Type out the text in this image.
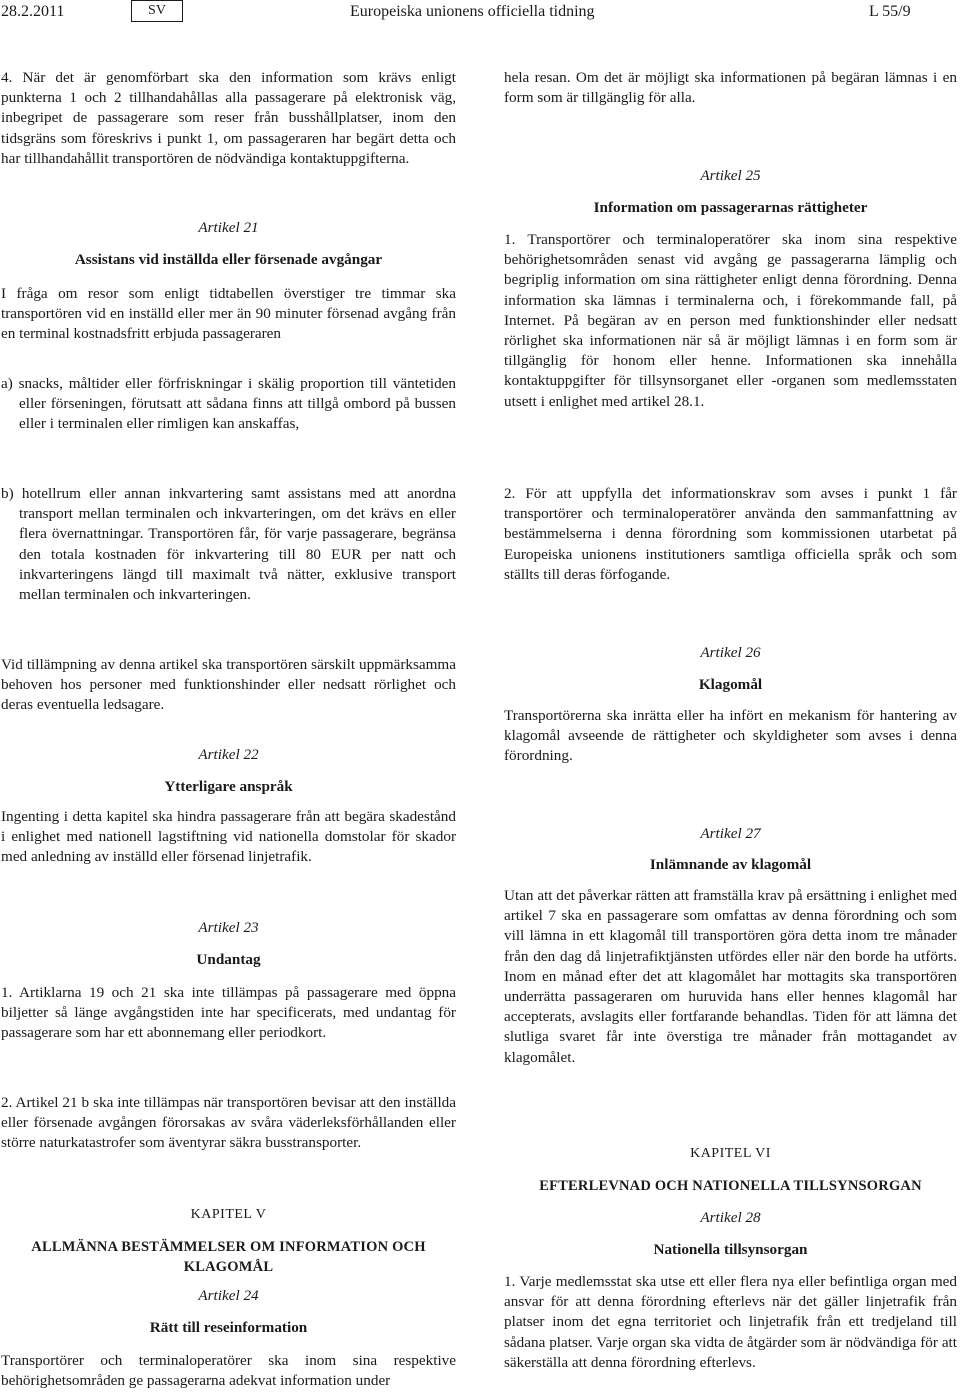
28.2.2011	SV	Europeiska unionens officiella tidning	L 55/9

4. När det är genomförbart ska den information som krävs enligt punkterna 1 och 2 tillhandahållas alla passagerare på elektronisk väg, inbegripet de passagerare som reser från busshållplatser, inom den tidsgräns som föreskrivs i punkt 1, om passageraren har begärt detta och har tillhandahållit transportören de nödvändiga kontaktuppgifterna.

Artikel 21
Assistans vid inställda eller försenade avgångar

I fråga om resor som enligt tidtabellen överstiger tre timmar ska transportören vid en inställd eller mer än 90 minuter försenad avgång från en terminal kostnadsfritt erbjuda passageraren

a) snacks, måltider eller förfriskningar i skälig proportion till väntetiden eller förseningen, förutsatt att sådana finns att tillgå ombord på bussen eller i terminalen eller rimligen kan anskaffas,

b) hotellrum eller annan inkvartering samt assistans med att anordna transport mellan terminalen och inkvarteringen, om det krävs en eller flera övernattningar. Transportören får, för varje passagerare, begränsa den totala kostnaden för inkvartering till 80 EUR per natt och inkvarteringens längd till maximalt två nätter, exklusive transport mellan terminalen och inkvarteringen.

Vid tillämpning av denna artikel ska transportören särskilt uppmärksamma behoven hos personer med funktionshinder eller nedsatt rörlighet och deras eventuella ledsagare.

Artikel 22
Ytterligare anspråk

Ingenting i detta kapitel ska hindra passagerare från att begära skadestånd i enlighet med nationell lagstiftning vid nationella domstolar för skador med anledning av inställd eller försenad linjetrafik.

Artikel 23
Undantag

1. Artiklarna 19 och 21 ska inte tillämpas på passagerare med öppna biljetter så länge avgångstiden inte har specificerats, med undantag för passagerare som har ett abonnemang eller periodkort.

2. Artikel 21 b ska inte tillämpas när transportören bevisar att den inställda eller försenade avgången förorsakas av svåra väderleksförhållanden eller större naturkatastrofer som äventyrar säkra busstransporter.

KAPITEL V
ALLMÄNNA BESTÄMMELSER OM INFORMATION OCH KLAGOMÅL
Artikel 24
Rätt till reseinformation

Transportörer och terminaloperatörer ska inom sina respektive behörighetsområden ge passagerarna adekvat information under

hela resan. Om det är möjligt ska informationen på begäran lämnas i en form som är tillgänglig för alla.

Artikel 25
Information om passagerarnas rättigheter

1. Transportörer och terminaloperatörer ska inom sina respektive behörighetsområden senast vid avgång ge passagerarna lämplig och begriplig information om sina rättigheter enligt denna förordning. Denna information ska lämnas i terminalerna och, i förekommande fall, på Internet. På begäran av en person med funktionshinder eller nedsatt rörlighet ska informationen när så är möjligt lämnas i en form som är tillgänglig för honom eller henne. Informationen ska innehålla kontaktuppgifter för tillsynsorganet eller -organen som medlemsstaten utsett i enlighet med artikel 28.1.

2. För att uppfylla det informationskrav som avses i punkt 1 får transportörer och terminaloperatörer använda den sammanfattning av bestämmelserna i denna förordning som kommissionen utarbetat på Europeiska unionens institutioners samtliga officiella språk och som ställts till deras förfogande.

Artikel 26
Klagomål

Transportörerna ska inrätta eller ha infört en mekanism för hantering av klagomål avseende de rättigheter och skyldigheter som avses i denna förordning.

Artikel 27
Inlämnande av klagomål

Utan att det påverkar rätten att framställa krav på ersättning i enlighet med artikel 7 ska en passagerare som omfattas av denna förordning och som vill lämna in ett klagomål till transportören göra detta inom tre månader från den dag då linjetrafiktjänsten utfördes eller när den borde ha utförts. Inom en månad efter det att klagomålet har mottagits ska transportören underrätta passageraren om huruvida hans eller hennes klagomål har accepterats, avslagits eller fortfarande behandlas. Tiden för att lämna det slutliga svaret får inte överstiga tre månader från mottagandet av klagomålet.

KAPITEL VI
EFTERLEVNAD OCH NATIONELLA TILLSYNSORGAN
Artikel 28
Nationella tillsynsorgan

1. Varje medlemsstat ska utse ett eller flera nya eller befintliga organ med ansvar för att denna förordning efterlevs när det gäller linjetrafik från platser inom det egna territoriet och linjetrafik från ett tredjeland till sådana platser. Varje organ ska vidta de åtgärder som är nödvändiga för att säkerställa att denna förordning efterlevs.
